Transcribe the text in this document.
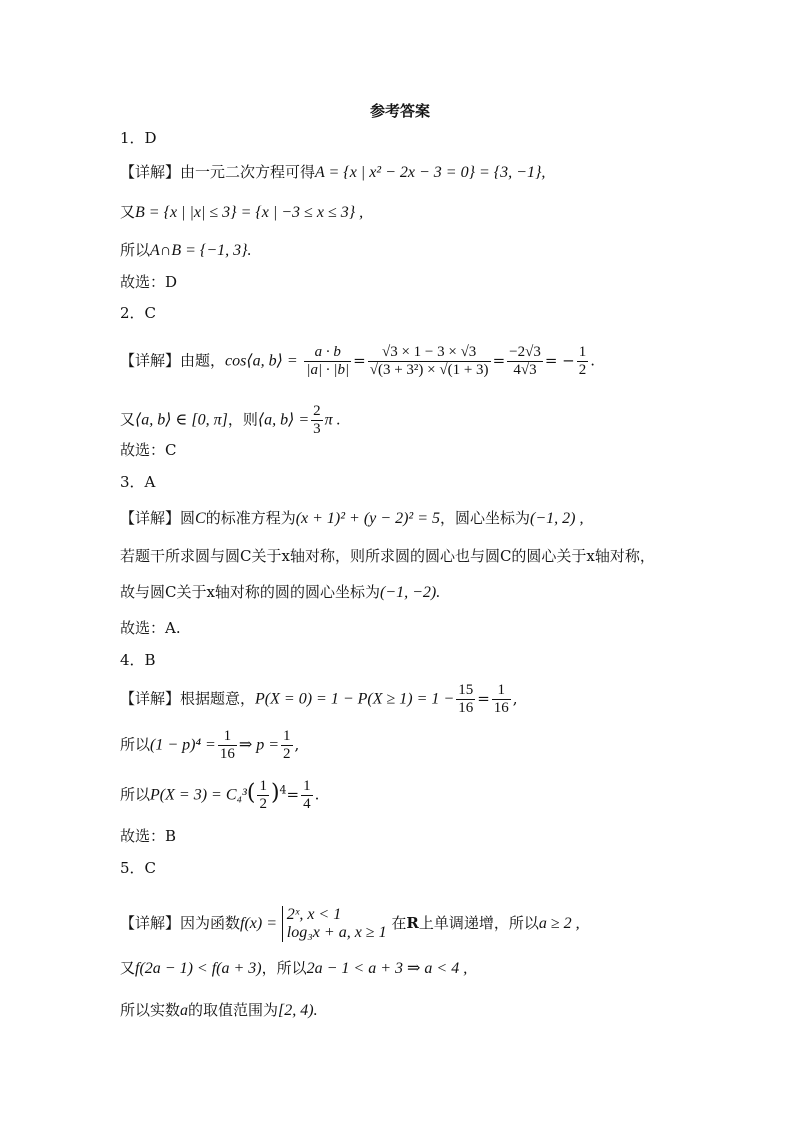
参考答案
1．D
【详解】由一元二次方程可得A = {x | x² − 2x − 3 = 0} = {3, −1},
又B = {x | |x| ≤ 3} = {x | −3 ≤ x ≤ 3} ,
所以A∩B = {−1, 3}.
故选：D
2．C
【详解】由题，cos⟨a, b⟩ = $\frac{a \cdot b}{|a| \cdot |b|} = \frac{√3 \times 1 - 3 \times √3}{\text{√(3 + 3²) × √(1 + 3)}} = \frac{-2√3}{4√3}$ = − $\frac{1}{2}$ .
又⟨a, b⟩ ∈ [0, π]，则⟨a, b⟩ = $\frac{2}{3}$ π .
故选：C
3．A
【详解】圆C的标准方程为(x + 1)² + (y − 2)² = 5，圆心坐标为(−1, 2) ,
若题干所求圆与圆C关于x轴对称，则所求圆的圆心也与圆C的圆心关于x轴对称，
故与圆C关于x轴对称的圆的圆心坐标为(−1, −2).
故选：A.
4．B
【详解】根据题意，$P(X = 0) = 1 - P(X \ge 1) = 1 - \frac{15}{16} = \frac{1}{16}$ ,
所以$(1 - p)^4 = \frac{1}{16}$ ⇒ $p = \frac{1}{2}$ ,
所以$P(X = 3) = C_4^3( \frac{1}{2} )^4= \frac{1}{4}$ .
故选：B
5．C
【详解】因为函数f(x) =
2ˣ, x < 1
log₃x + a, x ≥ 1
在R上单调递增，所以a ≥ 2 ,
又f(2a − 1) < f(a + 3)，所以2a − 1 < a + 3 ⇒ a < 4 ,
所以实数a的取值范围为[2, 4).
